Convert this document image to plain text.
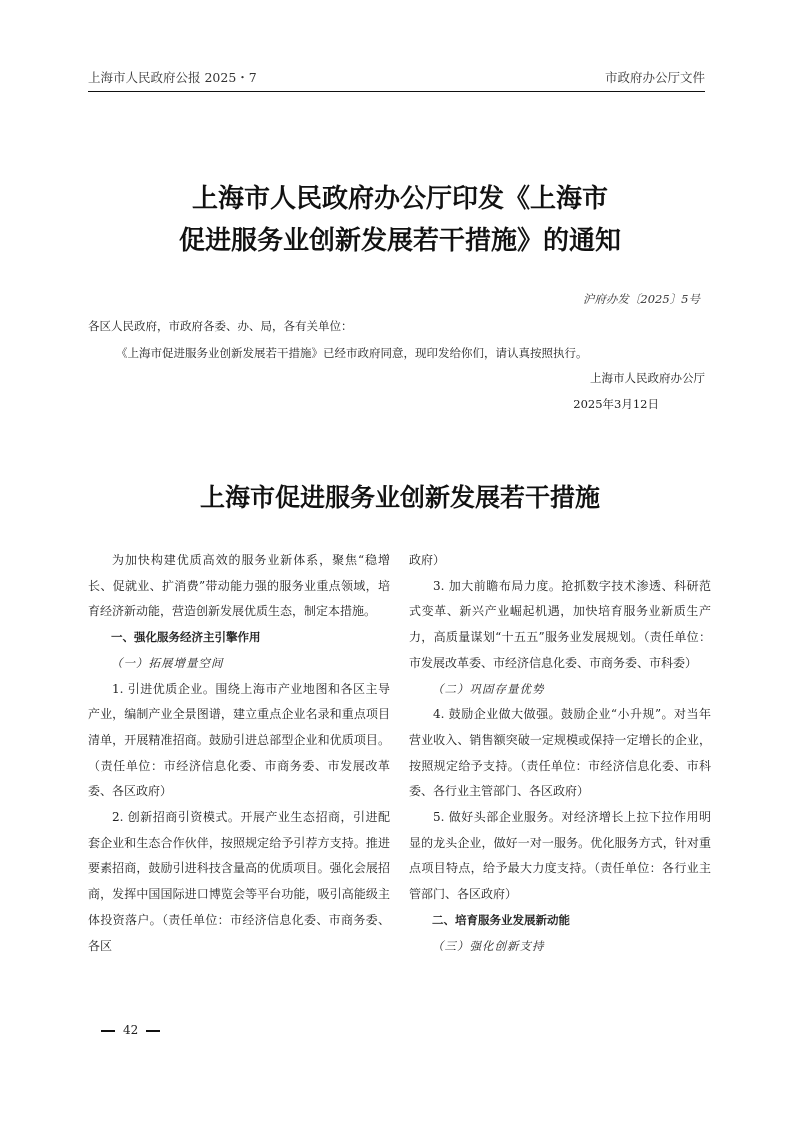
上海市人民政府公报 2025・7	市政府办公厅文件
上海市人民政府办公厅印发《上海市
促进服务业创新发展若干措施》的通知
沪府办发〔2025〕5号
各区人民政府，市政府各委、办、局，各有关单位：
《上海市促进服务业创新发展若干措施》已经市政府同意，现印发给你们，请认真按照执行。
上海市人民政府办公厅
2025年3月12日
上海市促进服务业创新发展若干措施

为加快构建优质高效的服务业新体系，聚焦“稳增长、促就业、扩消费”带动能力强的服务业重点领域，培育经济新动能，营造创新发展优质生态，制定本措施。

一、强化服务经济主引擎作用

（一）拓展增量空间

1. 引进优质企业。围绕上海市产业地图和各区主导产业，编制产业全景图谱，建立重点企业名录和重点项目清单，开展精准招商。鼓励引进总部型企业和优质项目。（责任单位：市经济信息化委、市商务委、市发展改革委、各区政府）

2. 创新招商引资模式。开展产业生态招商，引进配套企业和生态合作伙伴，按照规定给予引荐方支持。推进要素招商，鼓励引进科技含量高的优质项目。强化会展招商，发挥中国国际进口博览会等平台功能，吸引高能级主体投资落户。（责任单位：市经济信息化委、市商务委、各区

政府）

3. 加大前瞻布局力度。抢抓数字技术渗透、科研范式变革、新兴产业崛起机遇，加快培育服务业新质生产力，高质量谋划“十五五”服务业发展规划。（责任单位：市发展改革委、市经济信息化委、市商务委、市科委）

（二）巩固存量优势

4. 鼓励企业做大做强。鼓励企业“小升规”。对当年营业收入、销售额突破一定规模或保持一定增长的企业，按照规定给予支持。（责任单位：市经济信息化委、市科委、各行业主管部门、各区政府）

5. 做好头部企业服务。对经济增长上拉下拉作用明显的龙头企业，做好一对一服务。优化服务方式，针对重点项目特点，给予最大力度支持。（责任单位：各行业主管部门、各区政府）

二、培育服务业发展新动能

（三）强化创新支持

42
